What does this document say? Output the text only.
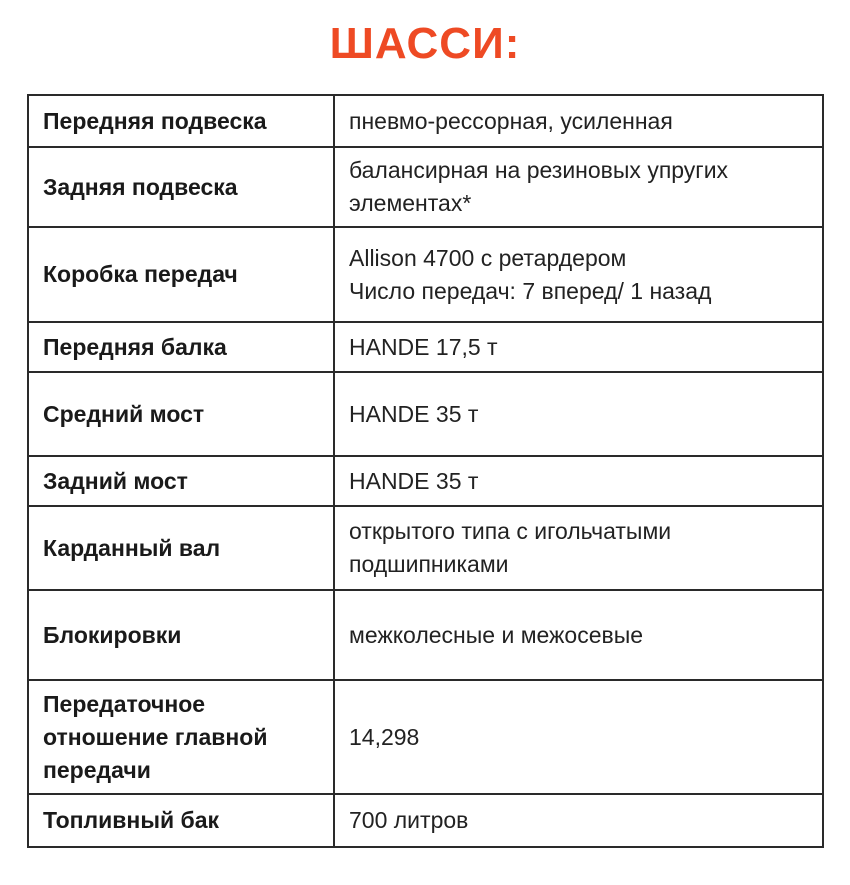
ШАССИ:
Передняя подвеска	пневмо-рессорная, усиленная

Задняя подвеска	балансирная на резиновых упругих
элементах*

Коробка передач	Allison 4700 с ретардером
Число передач: 7 вперед/ 1 назад

Передняя балка	HANDE 17,5 т

Средний мост	HANDE 35 т

Задний мост	HANDE 35 т

Карданный вал	открытого типа с игольчатыми
подшипниками

Блокировки	межколесные и межосевые

Передаточное
отношение главной
передачи	14,298

Топливный бак	700 литров
